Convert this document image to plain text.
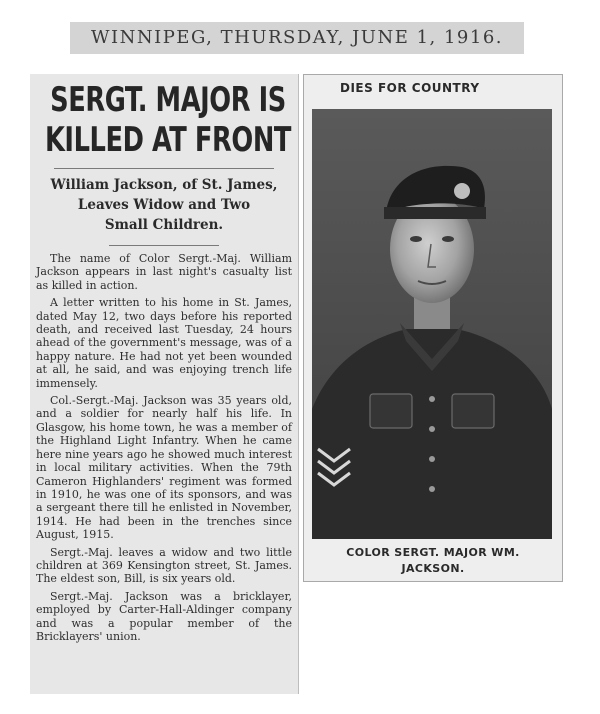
WINNIPEG, THURSDAY, JUNE 1, 1916.
SERGT. MAJOR IS
KILLED AT FRONT
William Jackson, of St. James,
Leaves Widow and Two
Small Children.

The name of Color Sergt.-Maj. William Jackson appears in last night's casualty list as killed in action.

A letter written to his home in St. James, dated May 12, two days before his reported death, and received last Tuesday, 24 hours ahead of the government's message, was of a happy nature. He had not yet been wounded at all, he said, and was enjoying trench life immensely.

Col.-Sergt.-Maj. Jackson was 35 years old, and a soldier for nearly half his life. In Glasgow, his home town, he was a member of the Highland Light Infantry. When he came here nine years ago he showed much interest in local military activities. When the 79th Cameron Highlanders' regiment was formed in 1910, he was one of its sponsors, and was a sergeant there till he enlisted in November, 1914. He had been in the trenches since August, 1915.

Sergt.-Maj. leaves a widow and two little children at 369 Kensington street, St. James. The eldest son, Bill, is six years old.

Sergt.-Maj. Jackson was a bricklayer, employed by Carter-Hall-Aldinger company and was a popular member of the Bricklayers' union.

DIES FOR COUNTRY
COLOR SERGT. MAJOR WM.
JACKSON.
